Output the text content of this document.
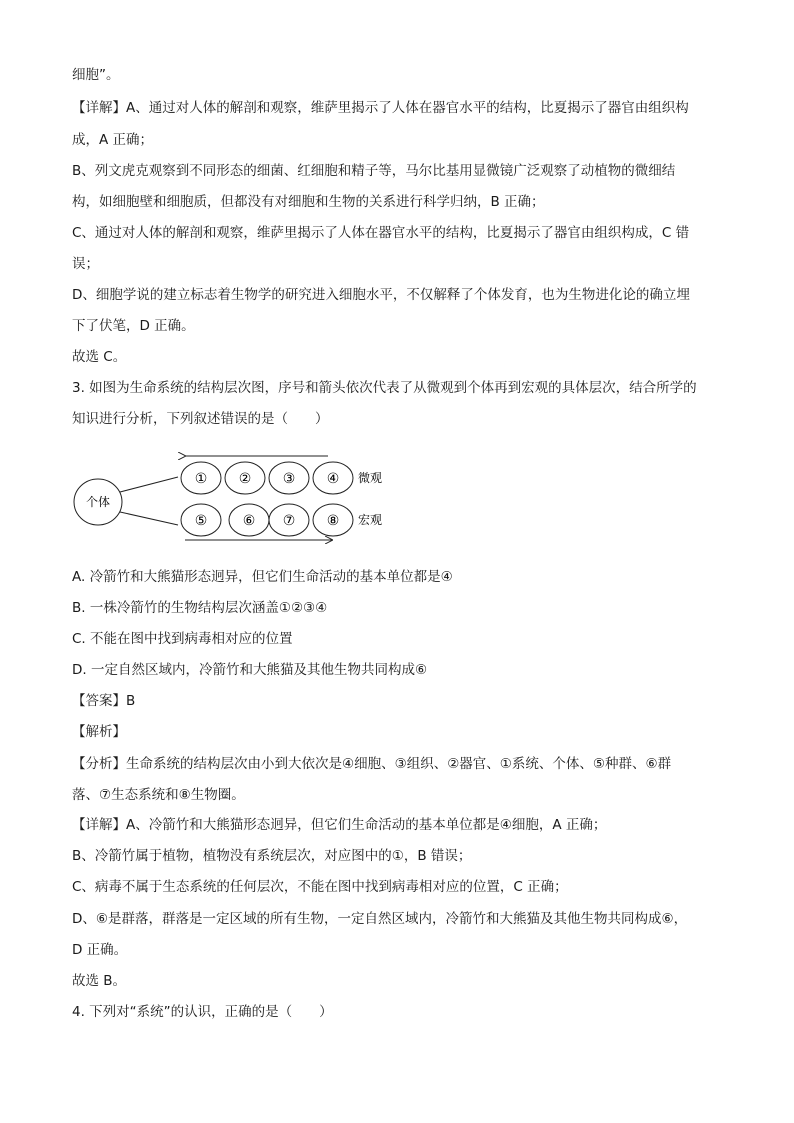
细胞”。
【详解】A、通过对人体的解剖和观察，维萨里揭示了人体在器官水平的结构，比夏揭示了器官由组织构
成，A 正确；
B、列文虎克观察到不同形态的细菌、红细胞和精子等，马尔比基用显微镜广泛观察了动植物的微细结
构，如细胞壁和细胞质，但都没有对细胞和生物的关系进行科学归纳，B 正确；
C、通过对人体的解剖和观察，维萨里揭示了人体在器官水平的结构，比夏揭示了器官由组织构成，C 错
误；
D、细胞学说的建立标志着生物学的研究进入细胞水平，不仅解释了个体发育，也为生物进化论的确立埋
下了伏笔，D 正确。
故选 C。
3. 如图为生命系统的结构层次图，序号和箭头依次代表了从微观到个体再到宏观的具体层次，结合所学的
知识进行分析，下列叙述错误的是（　　）
个体
① ② ③ ④
⑤	⑥ ⑦ ⑧
微观
宏观
A. 冷箭竹和大熊猫形态迥异，但它们生命活动的基本单位都是④
B. 一株冷箭竹的生物结构层次涵盖①②③④
C. 不能在图中找到病毒相对应的位置
D. 一定自然区域内，冷箭竹和大熊猫及其他生物共同构成⑥
【答案】B
【解析】
【分析】生命系统的结构层次由小到大依次是④细胞、③组织、②器官、①系统、个体、⑤种群、⑥群
落、⑦生态系统和⑧生物圈。
【详解】A、冷箭竹和大熊猫形态迥异，但它们生命活动的基本单位都是④细胞，A 正确；
B、冷箭竹属于植物，植物没有系统层次，对应图中的①，B 错误；
C、病毒不属于生态系统的任何层次，不能在图中找到病毒相对应的位置，C 正确；
D、⑥是群落，群落是一定区域的所有生物，一定自然区域内，冷箭竹和大熊猫及其他生物共同构成⑥，
D 正确。
故选 B。
4. 下列对“系统”的认识，正确的是（　　）
